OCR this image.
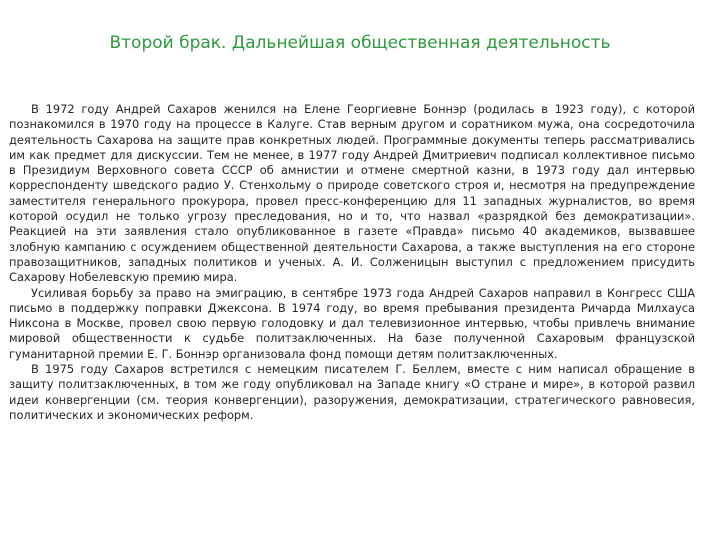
Второй брак. Дальнейшая общественная деятельность

В 1972 году Андрей Сахаров женился на Елене Георгиевне Боннэр (родилась в 1923 году), с которой познакомился в 1970 году на процессе в Калуге. Став верным другом и соратником мужа, она сосредоточила деятельность Сахарова на защите прав конкретных людей. Программные документы теперь рассматривались им как предмет для дискуссии. Тем не менее, в 1977 году Андрей Дмитриевич подписал коллективное письмо в Президиум Верховного совета СССР об амнистии и отмене смертной казни, в 1973 году дал интервью корреспонденту шведского радио У. Стенхольму о природе советского строя и, несмотря на предупреждение заместителя генерального прокурора, провел пресс-конференцию для 11 западных журналистов, во время которой осудил не только угрозу преследования, но и то, что назвал «разрядкой без демократизации». Реакцией на эти заявления стало опубликованное в газете «Правда» письмо 40 академиков, вызвавшее злобную кампанию с осуждением общественной деятельности Сахарова, а также выступления на его стороне правозащитников, западных политиков и ученых. А. И. Солженицын выступил с предложением присудить Сахарову Нобелевскую премию мира.

Усиливая борьбу за право на эмиграцию, в сентябре 1973 года Андрей Сахаров направил в Конгресс США письмо в поддержку поправки Джексона. В 1974 году, во время пребывания президента Ричарда Милхауса Никсона в Москве, провел свою первую голодовку и дал телевизионное интервью, чтобы привлечь внимание мировой общественности к судьбе политзаключенных. На базе полученной Сахаровым французской гуманитарной премии Е. Г. Боннэр организовала фонд помощи детям политзаключенных.

В 1975 году Сахаров встретился с немецким писателем Г. Беллем, вместе с ним написал обращение в защиту политзаключенных, в том же году опубликовал на Западе книгу «О стране и мире», в которой развил идеи конвергенции (см. теория конвергенции), разоружения, демократизации, стратегического равновесия, политических и экономических реформ.
